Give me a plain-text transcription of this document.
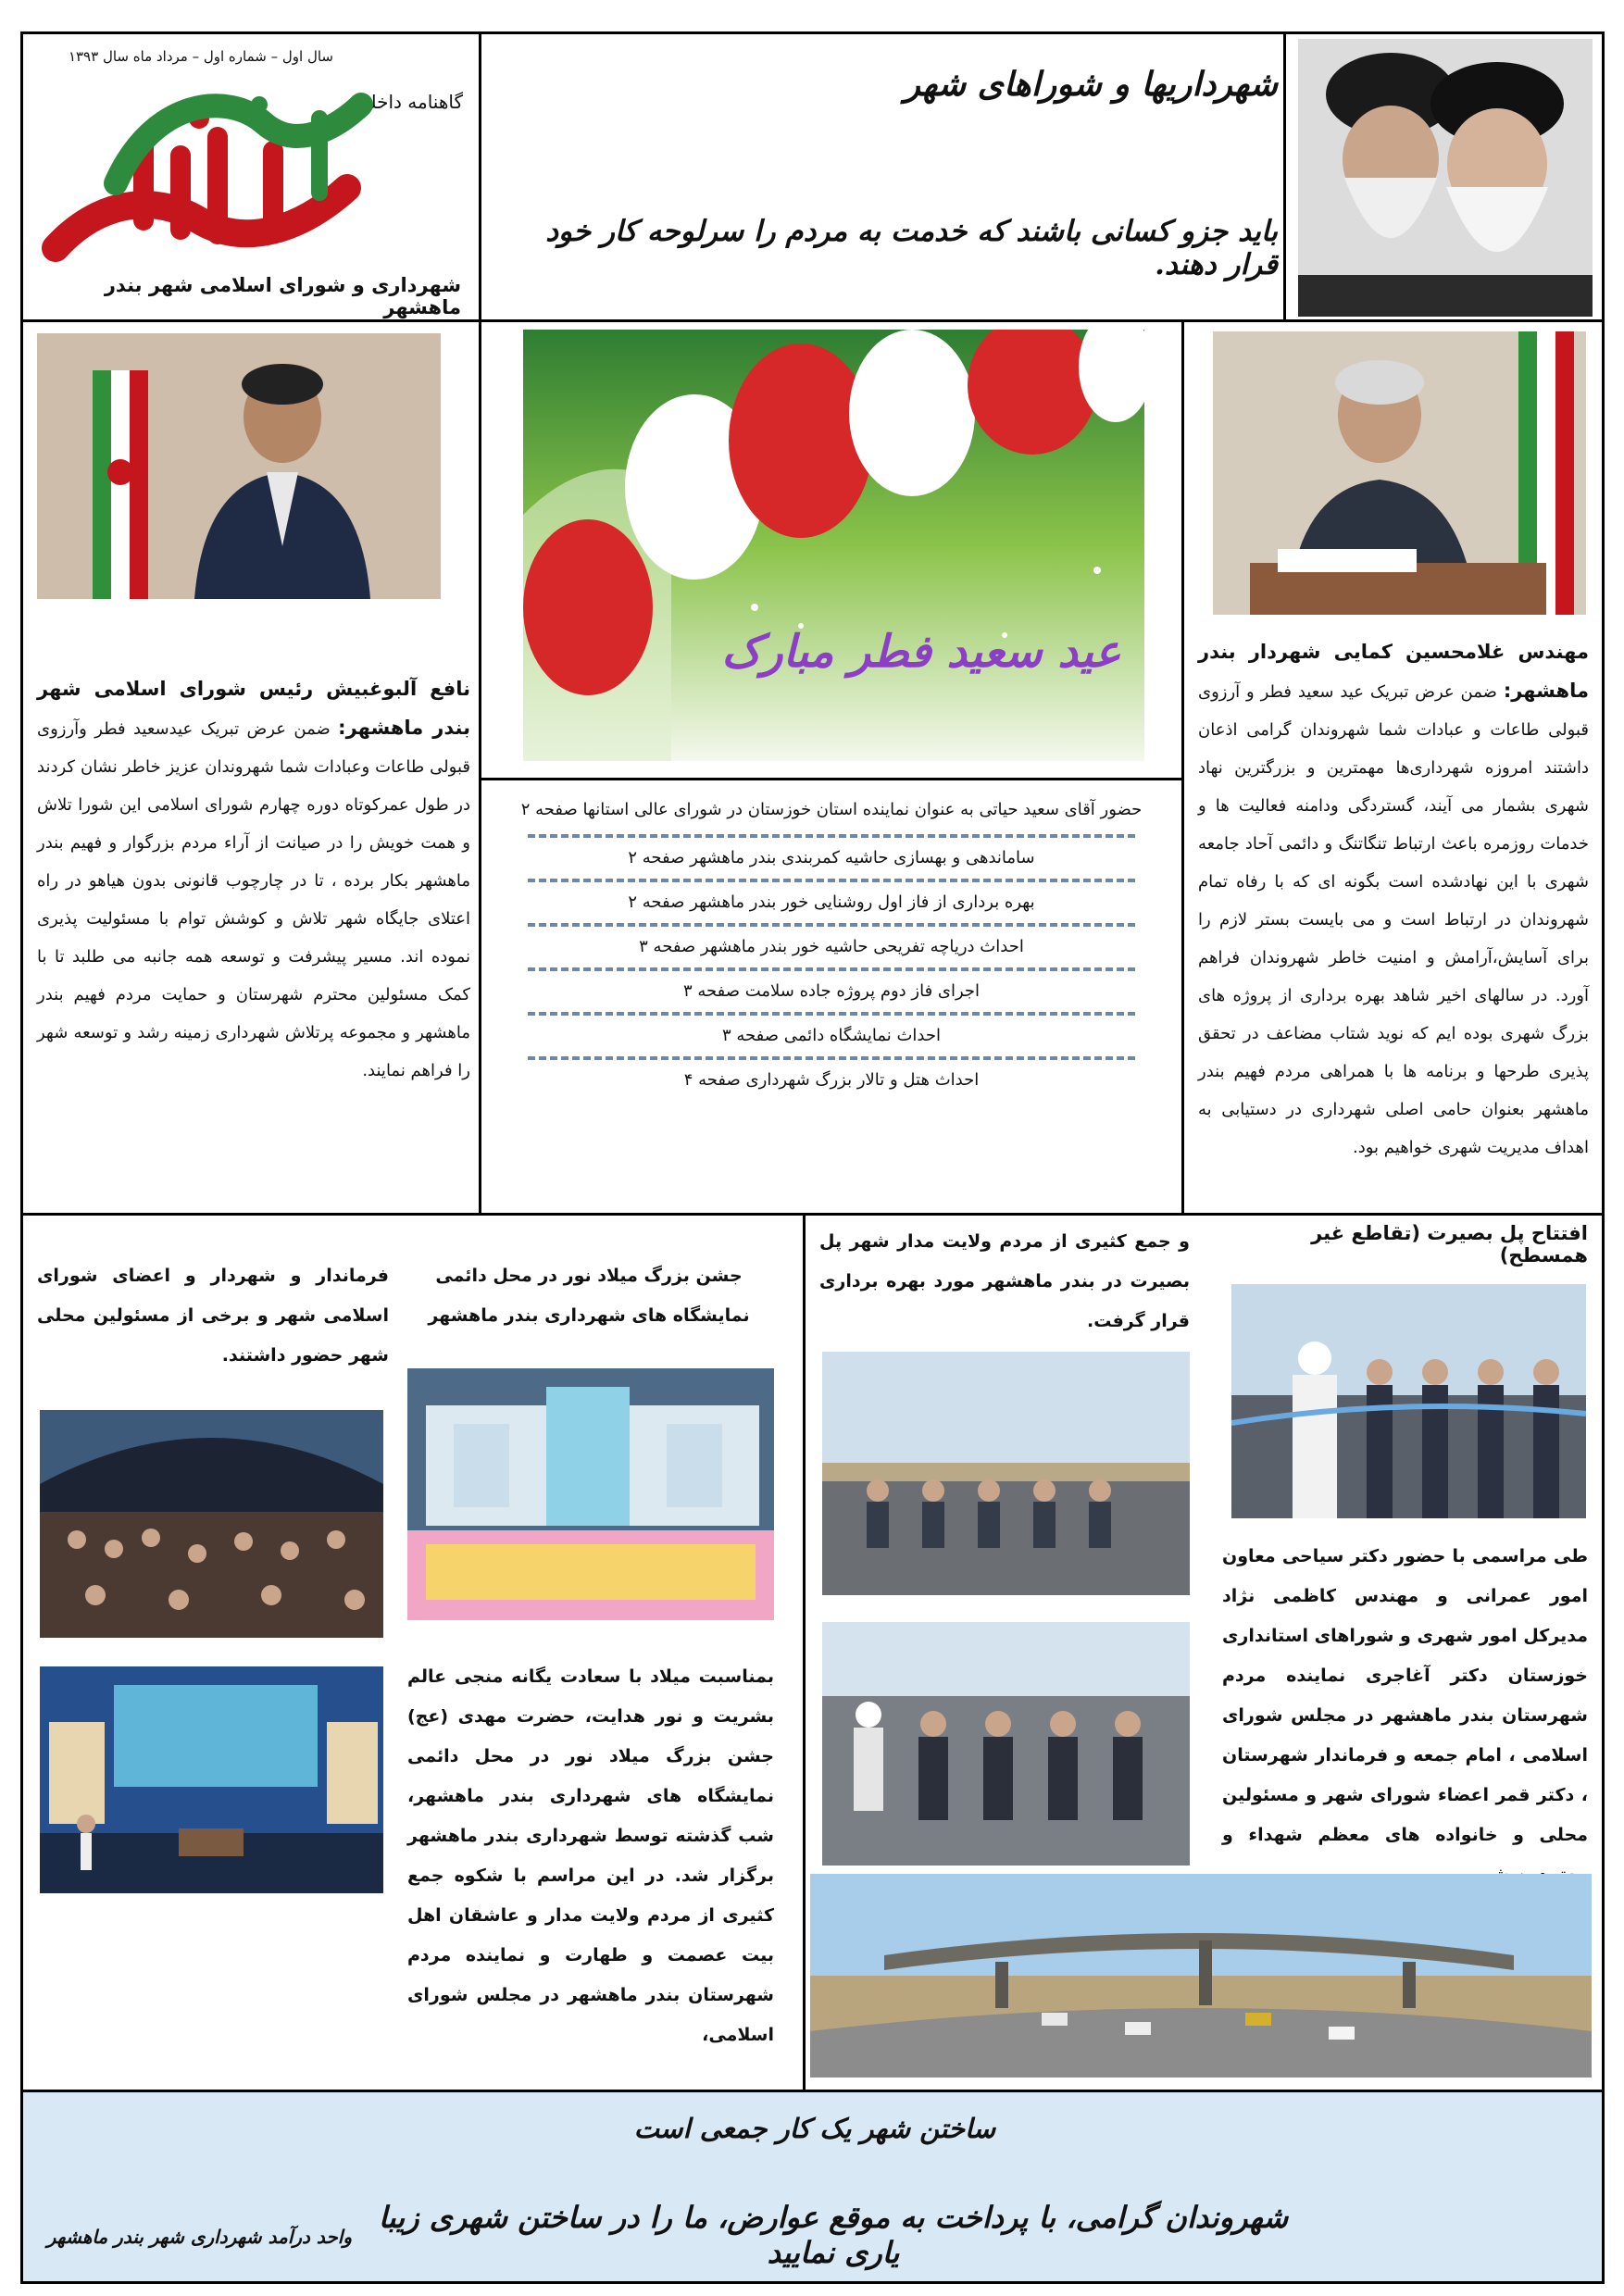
سال اول – شماره اول – مرداد ماه سال ۱۳۹۳
گاهنامه داخلی
شهرداری و شورای اسلامی شهر بندر ماهشهر
شهرداریها و شوراهای شهر
باید جزو کسانی باشند که خدمت به مردم را سرلوحه کار خود قرار دهند.
نافع آلبوغبیش رئیس شورای اسلامی شهر بندر ماهشهر: ضمن عرض تبریک عیدسعید فطر وآرزوی قبولی طاعات وعبادات شما شهروندان عزیز خاطر نشان کردند در طول عمرکوتاه دوره چهارم شورای اسلامی این شورا تلاش و همت خویش را در صیانت از آراء مردم بزرگوار و فهیم بندر ماهشهر بکار برده ، تا در چارچوب قانونی بدون هیاهو در راه اعتلای جایگاه شهر تلاش و کوشش توام با مسئولیت پذیری نموده اند. مسیر پیشرفت و توسعه همه جانبه می طلبد تا با کمک مسئولین محترم شهرستان و حمایت مردم فهیم بندر ماهشهر و مجموعه پرتلاش شهرداری زمینه رشد و توسعه شهر را فراهم نمایند.
عید سعید فطر مبارک
حضور آقای سعید حیاتی به عنوان نماینده استان خوزستان در شورای عالی استانها صفحه ۲
ساماندهی و بهسازی حاشیه کمربندی بندر ماهشهر صفحه ۲
بهره برداری از فاز اول روشنایی خور بندر ماهشهر صفحه ۲
احداث دریاچه تفریحی حاشیه خور بندر ماهشهر صفحه ۳
اجرای فاز دوم پروژه جاده سلامت صفحه ۳
احداث نمایشگاه دائمی صفحه ۳
احداث هتل و تالار بزرگ شهرداری صفحه ۴
مهندس غلامحسین کمایی شهردار بندر ماهشهر: ضمن عرض تبریک عید سعید فطر و آرزوی قبولی طاعات و عبادات شما شهروندان گرامی اذعان داشتند امروزه شهرداری‌ها مهمترین و بزرگترین نهاد شهری بشمار می آیند، گستردگی ودامنه فعالیت ها و خدمات روزمره باعث ارتباط تنگاتنگ و دائمی آحاد جامعه شهری با این نهادشده است بگونه ای که با رفاه تمام شهروندان در ارتباط است و می بایست بستر لازم را برای آسایش،آرامش و امنیت خاطر شهروندان فراهم آورد. در سالهای اخیر شاهد بهره برداری از پروژه های بزرگ شهری بوده ایم که نوید شتاب مضاعف در تحقق پذیری طرحها و برنامه ها با همراهی مردم فهیم بندر ماهشهر بعنوان حامی اصلی شهرداری در دستیابی به اهداف مدیریت شهری خواهیم بود.
فرماندار و شهردار و اعضای شورای اسلامی شهر و برخی از مسئولین محلی شهر حضور داشتند.
جشن بزرگ میلاد نور در محل دائمی نمایشگاه های شهرداری بندر ماهشهر
بمناسبت میلاد با سعادت یگانه منجی عالم بشریت و نور هدایت، حضرت مهدی (عج) جشن بزرگ میلاد نور در محل دائمی نمایشگاه های شهرداری بندر ماهشهر، شب گذشته توسط شهرداری بندر ماهشهر برگزار شد. در این مراسم با شکوه جمع کثیری از مردم ولایت مدار و عاشقان اهل بیت عصمت و طهارت و نماینده مردم شهرستان بندر ماهشهر در مجلس شورای اسلامی،
و جمع کثیری از مردم ولایت مدار شهر پل بصیرت در بندر ماهشهر مورد بهره برداری قرار گرفت.
افتتاح پل بصیرت (تقاطع غیر همسطح)
طی مراسمی با حضور دکتر سیاحی معاون امور عمرانی و مهندس کاظمی نژاد مدیرکل امور شهری و شوراهای استانداری خوزستان دکتر آغاجری نماینده مردم شهرستان بندر ماهشهر در مجلس شورای اسلامی ، امام جمعه و فرماندار شهرستان ، دکتر قمر اعضاء شورای شهر و مسئولین محلی و خانواده های معظم شهداء و
ساختن شهر یک کار جمعی است
شهروندان گرامی، با پرداخت به موقع عوارض، ما را در ساختن شهری زیبا یاری نمایید
واحد درآمد شهرداری شهر بندر ماهشهر
